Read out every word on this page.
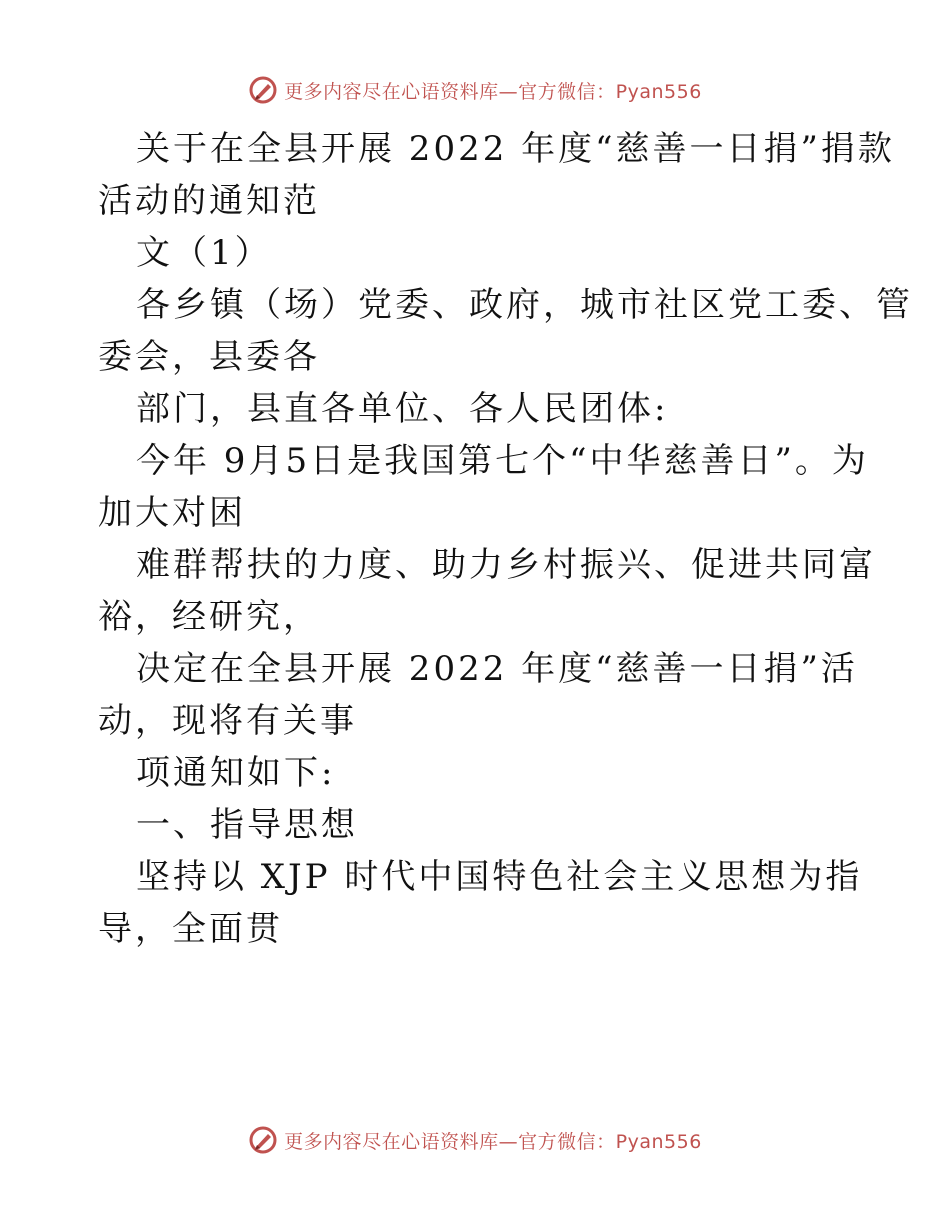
更多内容尽在心语资料库—官方微信：Pyan556
关于在全县开展 2022 年度“慈善一日捐”捐款
活动的通知范
文（1）
各乡镇（场）党委、政府，城市社区党工委、管
委会，县委各
部门，县直各单位、各人民团体:
今年 9月5日是我国第七个“中华慈善日”。为
加大对困
难群帮扶的力度、助力乡村振兴、促进共同富
裕，经研究，
决定在全县开展 2022 年度“慈善一日捐”活
动，现将有关事
项通知如下:
一、指导思想
坚持以 XJP 时代中国特色社会主义思想为指
导，全面贯
更多内容尽在心语资料库—官方微信：Pyan556
